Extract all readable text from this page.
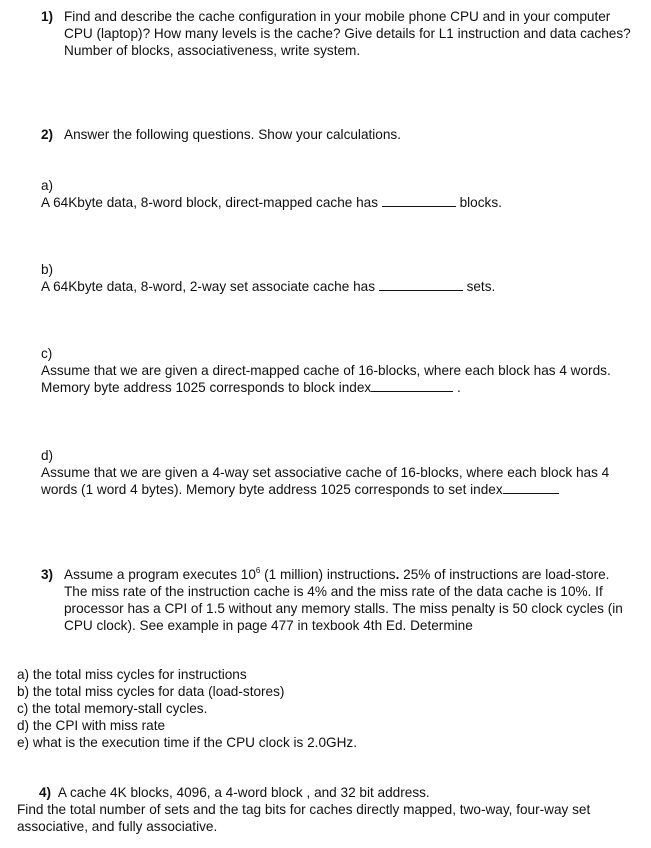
1) Find and describe the cache configuration in your mobile phone CPU and in your computer CPU (laptop)? How many levels is the cache? Give details for L1 instruction and data caches? Number of blocks, associativeness, write system.
2) Answer the following questions. Show your calculations.
a)
A 64Kbyte data, 8-word block, direct-mapped cache has	blocks.
b)
A 64Kbyte data, 8-word, 2-way set associate cache has	sets.
c)
Assume that we are given a direct-mapped cache of 16-blocks, where each block has 4 words. Memory byte address 1025 corresponds to block index	.
d)
Assume that we are given a 4-way set associative cache of 16-blocks, where each block has 4 words (1 word 4 bytes). Memory byte address 1025 corresponds to set index
3) Assume a program executes $10^6$ (1 million) instructions. 25% of instructions are load-store. The miss rate of the instruction cache is 4% and the miss rate of the data cache is 10%. If processor has a CPI of 1.5 without any memory stalls. The miss penalty is 50 clock cycles (in CPU clock). See example in page 477 in texbook 4th Ed. Determine
a) the total miss cycles for instructions
b) the total miss cycles for data (load-stores)
c) the total memory-stall cycles.
d) the CPI with miss rate
e) what is the execution time if the CPU clock is 2.0GHz.
4) A cache 4K blocks, 4096, a 4-word block , and 32 bit address.
Find the total number of sets and the tag bits for caches directly mapped, two-way, four-way set associative, and fully associative.
